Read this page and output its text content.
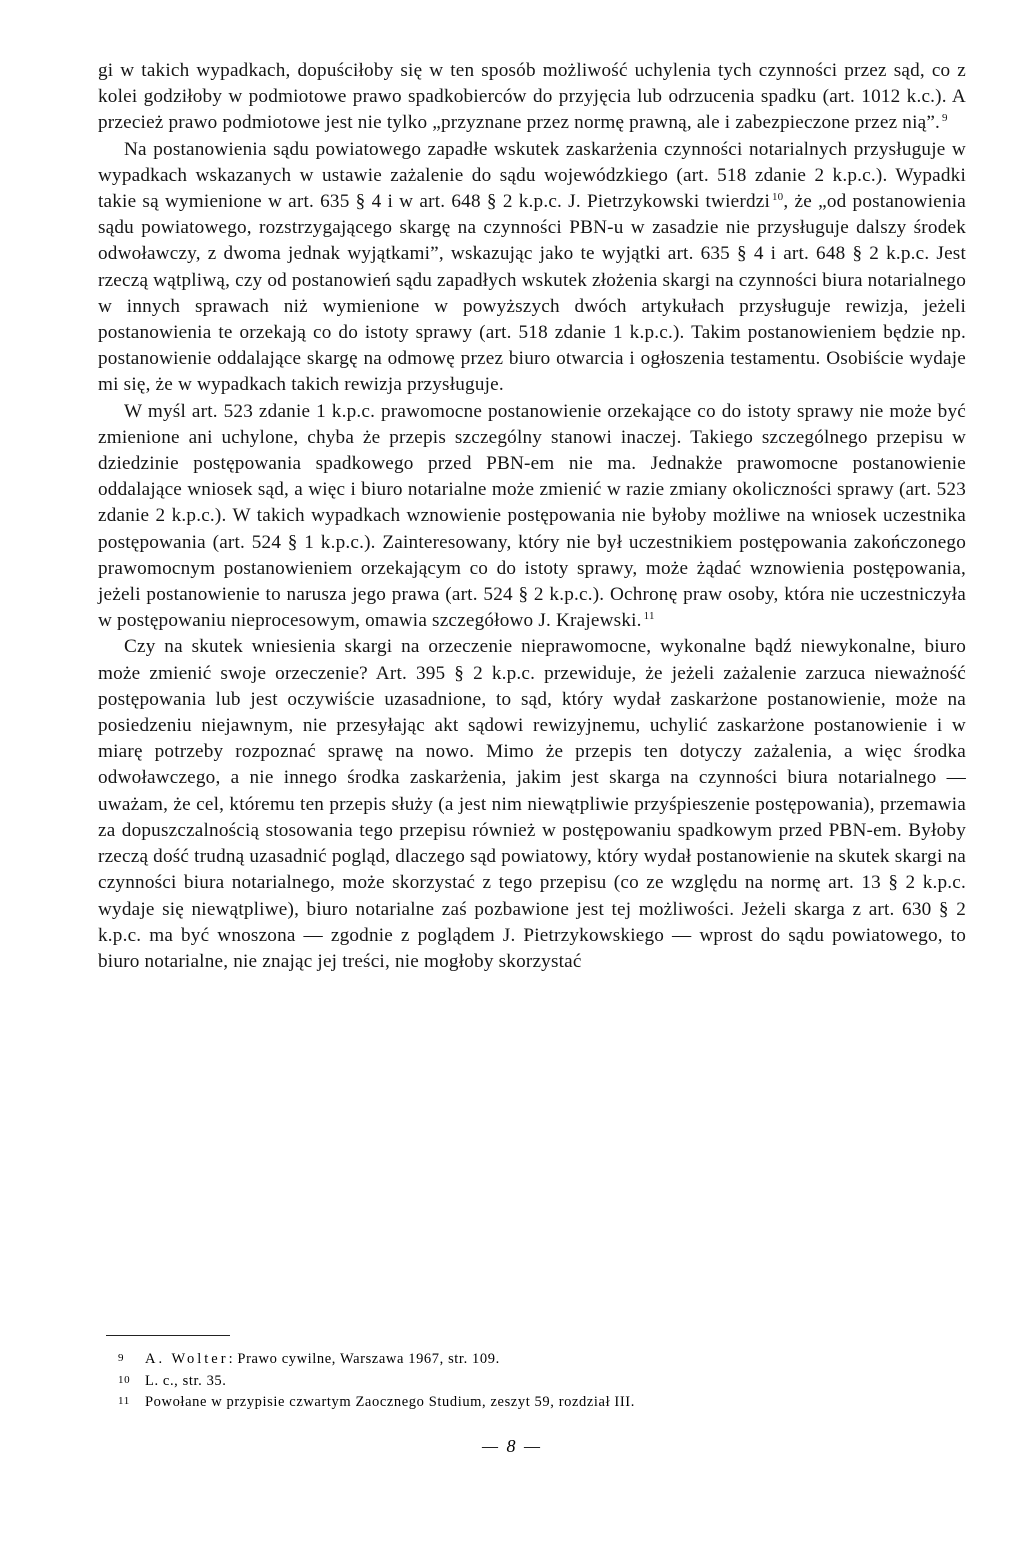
gi w takich wypadkach, dopuściłoby się w ten sposób możliwość uchylenia tych czynności przez sąd, co z kolei godziłoby w podmiotowe prawo spadkobierców do przyjęcia lub odrzucenia spadku (art. 1012 k.c.). A przecież prawo podmiotowe jest nie tylko „przyznane przez normę prawną, ale i zabezpieczone przez nią”. $^9$

Na postanowienia sądu powiatowego zapadłe wskutek zaskarżenia czynności notarialnych przysługuje w wypadkach wskazanych w ustawie zażalenie do sądu wojewódzkiego (art. 518 zdanie 2 k.p.c.). Wypadki takie są wymienione w art. 635 § 4 i w art. 648 § 2 k.p.c. J. Pietrzykowski twierdzi $^{10}$, że „od postanowienia sądu powiatowego, rozstrzygającego skargę na czynności PBN-u w zasadzie nie przysługuje dalszy środek odwoławczy, z dwoma jednak wyjątkami”, wskazując jako te wyjątki art. 635 § 4 i art. 648 § 2 k.p.c. Jest rzeczą wątpliwą, czy od postanowień sądu zapadłych wskutek złożenia skargi na czynności biura notarialnego w innych sprawach niż wymienione w powyższych dwóch artykułach przysługuje rewizja, jeżeli postanowienia te orzekają co do istoty sprawy (art. 518 zdanie 1 k.p.c.). Takim postanowieniem będzie np. postanowienie oddalające skargę na odmowę przez biuro otwarcia i ogłoszenia testamentu. Osobiście wydaje mi się, że w wypadkach takich rewizja przysługuje.

W myśl art. 523 zdanie 1 k.p.c. prawomocne postanowienie orzekające co do istoty sprawy nie może być zmienione ani uchylone, chyba że przepis szczególny stanowi inaczej. Takiego szczególnego przepisu w dziedzinie postępowania spadkowego przed PBN-em nie ma. Jednakże prawomocne postanowienie oddalające wniosek sąd, a więc i biuro notarialne może zmienić w razie zmiany okoliczności sprawy (art. 523 zdanie 2 k.p.c.). W takich wypadkach wznowienie postępowania nie byłoby możliwe na wniosek uczestnika postępowania (art. 524 § 1 k.p.c.). Zainteresowany, który nie był uczestnikiem postępowania zakończonego prawomocnym postanowieniem orzekającym co do istoty sprawy, może żądać wznowienia postępowania, jeżeli postanowienie to narusza jego prawa (art. 524 § 2 k.p.c.). Ochronę praw osoby, która nie uczestniczyła w postępowaniu nieprocesowym, omawia szczegółowo J. Krajewski. $^{11}$

Czy na skutek wniesienia skargi na orzeczenie nieprawomocne, wykonalne bądź niewykonalne, biuro może zmienić swoje orzeczenie? Art. 395 § 2 k.p.c. przewiduje, że jeżeli zażalenie zarzuca nieważność postępowania lub jest oczywiście uzasadnione, to sąd, który wydał zaskarżone postanowienie, może na posiedzeniu niejawnym, nie przesyłając akt sądowi rewizyjnemu, uchylić zaskarżone postanowienie i w miarę potrzeby rozpoznać sprawę na nowo. Mimo że przepis ten dotyczy zażalenia, a więc środka odwoławczego, a nie innego środka zaskarżenia, jakim jest skarga na czynności biura notarialnego — uważam, że cel, któremu ten przepis służy (a jest nim niewątpliwie przyśpieszenie postępowania), przemawia za dopuszczalnością stosowania tego przepisu również w postępowaniu spadkowym przed PBN-em. Byłoby rzeczą dość trudną uzasadnić pogląd, dlaczego sąd powiatowy, który wydał postanowienie na skutek skargi na czynności biura notarialnego, może skorzystać z tego przepisu (co ze względu na normę art. 13 § 2 k.p.c. wydaje się niewątpliwe), biuro notarialne zaś pozbawione jest tej możliwości. Jeżeli skarga z art. 630 § 2 k.p.c. ma być wnoszona — zgodnie z poglądem J. Pietrzykowskiego — wprost do sądu powiatowego, to biuro notarialne, nie znając jej treści, nie mogłoby skorzystać

9 A. Wolter: Prawo cywilne, Warszawa 1967, str. 109.

10 L. c., str. 35.

11 Powołane w przypisie czwartym Zaocznego Studium, zeszyt 59, rozdział III.

— 8 —
